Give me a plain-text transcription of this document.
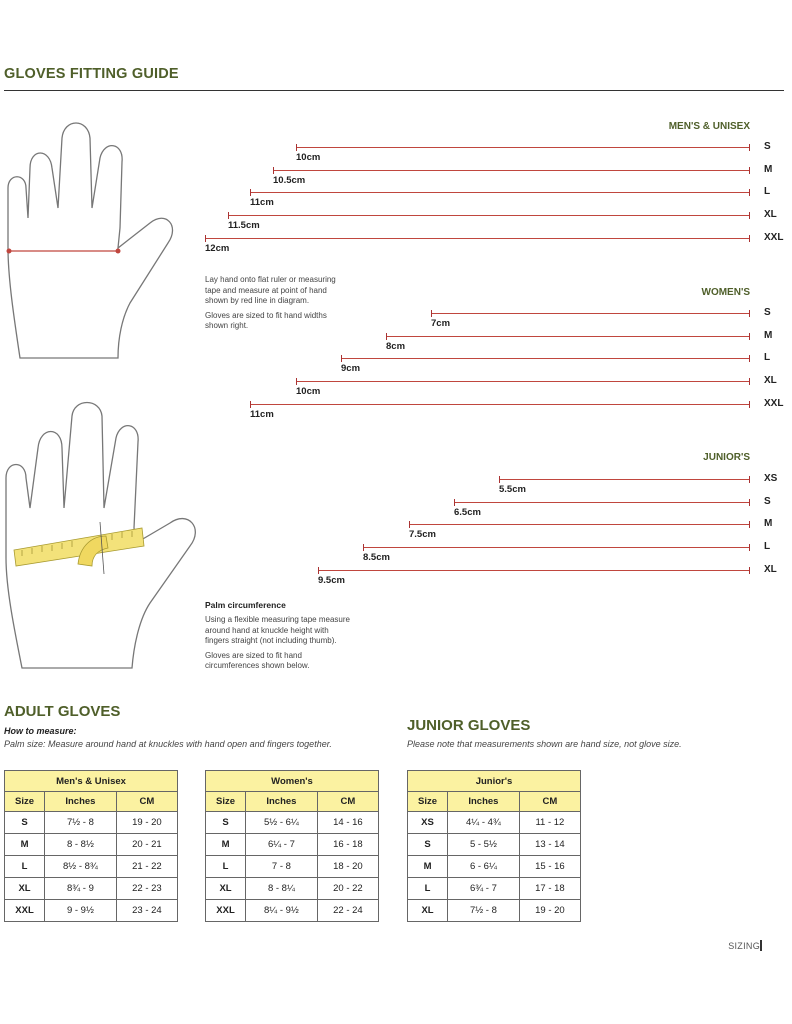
GLOVES FITTING GUIDE
MEN'S & UNISEX
10cm
S
10.5cm
M
11cm
L
11.5cm
XL
12cm
XXL
WOMEN'S
7cm
S
8cm
M
9cm
L
10cm
XL
11cm
XXL
JUNIOR'S
5.5cm
XS
6.5cm
S
7.5cm
M
8.5cm
L
9.5cm
XL
Lay hand onto flat ruler or measuring
tape and measure at point of hand
shown by red line in diagram.
Gloves are sized to fit hand widths
shown right.
Palm circumference
Using a flexible measuring tape measure
around hand at knuckle height with
fingers straight (not including thumb).
Gloves are sized to fit hand
circumferences shown below.
ADULT GLOVES
How to measure:
Palm size: Measure around hand at knuckles with hand open and fingers together.
JUNIOR GLOVES
Please note that measurements shown are hand size, not glove size.
Men's & Unisex		
Size	Inches	CM
S	7½ - 8	19 - 20
M	8 - 8½	20 - 21
L	8½ - 8¾	21 - 22
XL	8¾ - 9	22 - 23
XXL	9 - 9½	23 - 24
Women's		
Size	Inches	CM
S	5½ - 6¼	14 - 16
M	6¼ - 7	16 - 18
L	7 - 8	18 - 20
XL	8 - 8¼	20 - 22
XXL	8¼ - 9½	22 - 24
Junior's		
Size	Inches	CM
XS	4¼ - 4¾	11 - 12
S	5 - 5½	13 - 14
M	6 - 6¼	15 - 16
L	6¾ - 7	17 - 18
XL	7½ - 8	19 - 20
SIZING
